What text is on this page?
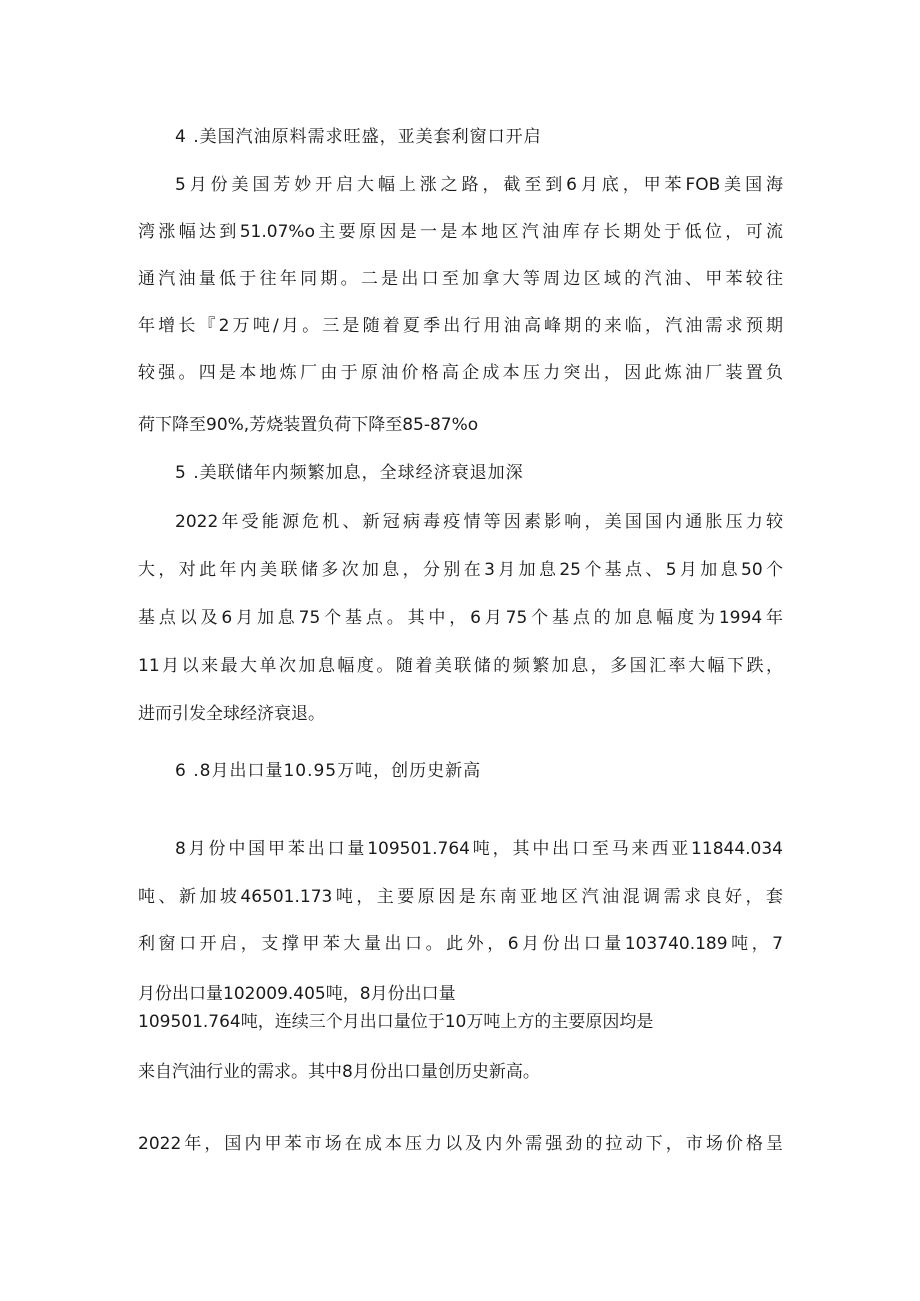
4 .美国汽油原料需求旺盛，亚美套利窗口开启

5月份美国芳妙开启大幅上涨之路，截至到6月底，甲苯FOB美国海

湾涨幅达到51.07%o主要原因是一是本地区汽油库存长期处于低位，可流

通汽油量低于往年同期。二是出口至加拿大等周边区域的汽油、甲苯较往

年增长『2万吨/月。三是随着夏季出行用油高峰期的来临，汽油需求预期

较强。四是本地炼厂由于原油价格高企成本压力突出，因此炼油厂装置负

荷下降至90%,芳烧装置负荷下降至85-87%o

5 .美联储年内频繁加息，全球经济衰退加深

2022年受能源危机、新冠病毒疫情等因素影响，美国国内通胀压力较

大，对此年内美联储多次加息，分别在3月加息25个基点、5月加息50个

基点以及6月加息75个基点。其中，6月75个基点的加息幅度为1994年

11月以来最大单次加息幅度。随着美联储的频繁加息，多国汇率大幅下跌，

进而引发全球经济衰退。

6 .8月出口量10.95万吨，创历史新高

8月份中国甲苯出口量109501.764吨，其中出口至马来西亚11844.034

吨、新加坡46501.173吨，主要原因是东南亚地区汽油混调需求良好，套

利窗口开启，支撑甲苯大量出口。此外，6月份出口量103740.189吨，7

月份出口量102009.405吨，8月份出口量

109501.764吨，连续三个月出口量位于10万吨上方的主要原因均是

来自汽油行业的需求。其中8月份出口量创历史新高。

2022年，国内甲苯市场在成本压力以及内外需强劲的拉动下，市场价格呈
